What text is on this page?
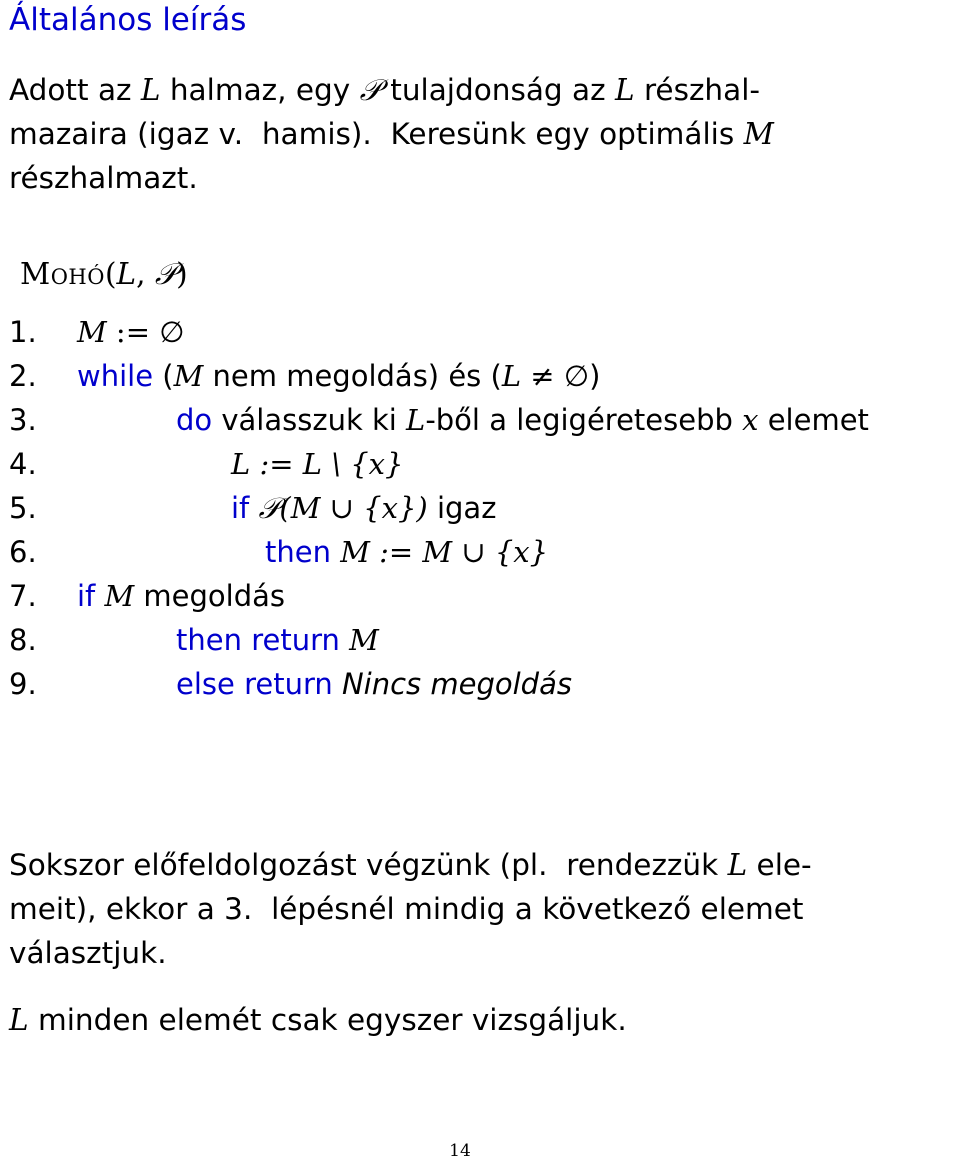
Általános leírás
Adott az L halmaz, egy 𝒫 tulajdonság az L részhal-
mazaira (igaz v.  hamis).  Keresünk egy optimális M
részhalmazt.
Mohó(L, 𝒫)
1. M := ∅
2. while (M nem megoldás) és (L ≠ ∅)
3.	do válasszuk ki L-ből a legigéretesebb x elemet
4.	L := L \ {x}
5.	if 𝒫(M ∪ {x}) igaz
6.	then M := M ∪ {x}
7. if M megoldás
8.	then return M
9.	else return Nincs megoldás
Sokszor előfeldolgozást végzünk (pl.  rendezzük L ele-
meit), ekkor a 3.  lépésnél mindig a következő elemet
választjuk.
L minden elemét csak egyszer vizsgáljuk.
14
